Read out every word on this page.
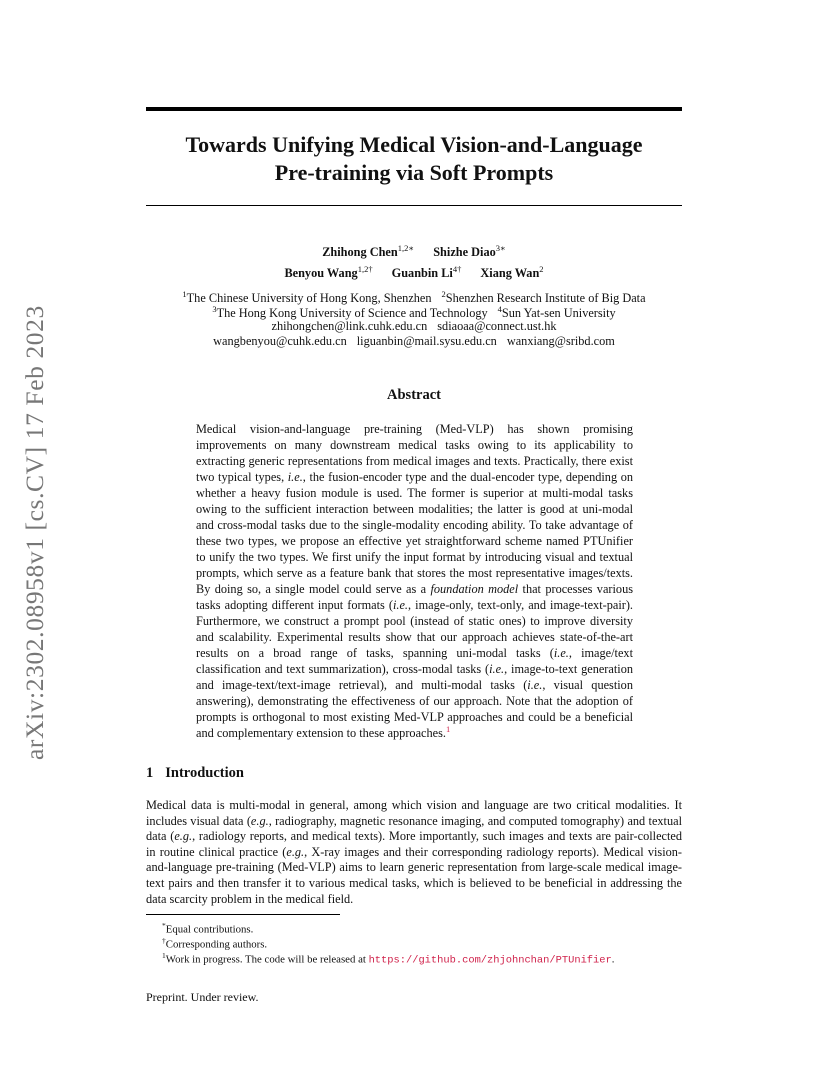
arXiv:2302.08958v1 [cs.CV] 17 Feb 2023
Towards Unifying Medical Vision-and-Language
Pre-training via Soft Prompts
Zhihong Chen$^{1,2∗}$ Shizhe Diao$^{3∗}$
Benyou Wang$^{1,2\dagger}$ Guanbin $Li^{4\dagger}$ Xiang Wan$^2$
$^1$The Chinese University of Hong Kong, Shenzhen $^2$Shenzhen Research Institute of Big Data
$^3$The Hong Kong University of Science and Technology $^4$Sun Yat-sen University
zhihongchen@link.cuhk.edu.cn sdiaoaa@connect.ust.hk
wangbenyou@cuhk.edu.cn liguanbin@mail.sysu.edu.cn wanxiang@sribd.com
Abstract

Medical vision-and-language pre-training (Med-VLP) has shown promising improvements on many downstream medical tasks owing to its applicability to extracting generic representations from medical images and texts. Practically, there exist two typical types, i.e., the fusion-encoder type and the dual-encoder type, depending on whether a heavy fusion module is used. The former is superior at multi-modal tasks owing to the sufficient interaction between modalities; the latter is good at uni-modal and cross-modal tasks due to the single-modality encoding ability. To take advantage of these two types, we propose an effective yet straightforward scheme named PTUnifier to unify the two types. We first unify the input format by introducing visual and textual prompts, which serve as a feature bank that stores the most representative images/texts. By doing so, a single model could serve as a foundation model that processes various tasks adopting different input formats (i.e., image-only, text-only, and image-text-pair). Furthermore, we construct a prompt pool (instead of static ones) to improve diversity and scalability. Experimental results show that our approach achieves state-of-the-art results on a broad range of tasks, spanning uni-modal tasks (i.e., image/text classification and text summarization), cross-modal tasks (i.e., image-to-text generation and image-text/text-image retrieval), and multi-modal tasks (i.e., visual question answering), demonstrating the effectiveness of our approach. Note that the adoption of prompts is orthogonal to most existing Med-VLP approaches and could be a beneficial and complementary extension to these approaches.$^1$

1 Introduction

Medical data is multi-modal in general, among which vision and language are two critical modalities. It includes visual data (e.g., radiography, magnetic resonance imaging, and computed tomography) and textual data (e.g., radiology reports, and medical texts). More importantly, such images and texts are pair-collected in routine clinical practice (e.g., X-ray images and their corresponding radiology reports). Medical vision-and-language pre-training (Med-VLP) aims to learn generic representation from large-scale medical image-text pairs and then transfer it to various medical tasks, which is believed to be beneficial in addressing the data scarcity problem in the medical field.

*Equal contributions.
†Corresponding authors.
$^1$Work in progress. The code will be released at https://github.com/zhjohnchan/PTUnifier.
Preprint. Under review.
